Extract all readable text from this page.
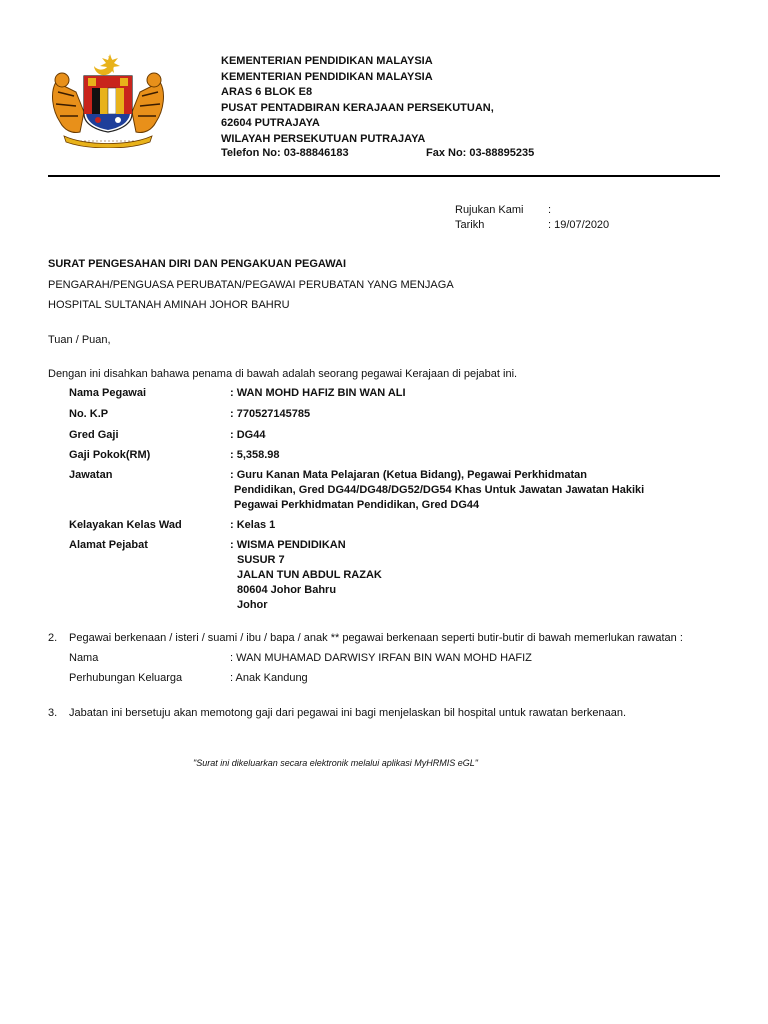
KEMENTERIAN PENDIDIKAN MALAYSIA
KEMENTERIAN PENDIDIKAN MALAYSIA
ARAS 6 BLOK E8
PUSAT PENTADBIRAN KERAJAAN PERSEKUTUAN,
62604 PUTRAJAYA
WILAYAH PERSEKUTUAN PUTRAJAYA
Telefon No: 03-88846183	Fax No: 03-88895235
Rujukan Kami :
Tarikh	: 19/07/2020
SURAT PENGESAHAN DIRI DAN PENGAKUAN PEGAWAI
PENGARAH/PENGUASA PERUBATAN/PEGAWAI PERUBATAN YANG MENJAGA
HOSPITAL SULTANAH AMINAH JOHOR BAHRU
Tuan / Puan,
Dengan ini disahkan bahawa penama di bawah adalah seorang pegawai Kerajaan di pejabat ini.
Nama Pegawai	: WAN MOHD HAFIZ BIN WAN ALI
No. K.P	: 770527145785
Gred Gaji	: DG44
Gaji Pokok(RM)	: 5,358.98
Jawatan	: Guru Kanan Mata Pelajaran (Ketua Bidang), Pegawai Perkhidmatan
Pendidikan, Gred DG44/DG48/DG52/DG54 Khas Untuk Jawatan Jawatan Hakiki
Pegawai Perkhidmatan Pendidikan, Gred DG44
Kelayakan Kelas Wad	: Kelas 1
Alamat Pejabat	: WISMA PENDIDIKAN
SUSUR 7
JALAN TUN ABDUL RAZAK
80604 Johor Bahru
Johor
2. Pegawai berkenaan / isteri / suami / ibu / bapa / anak ** pegawai berkenaan seperti butir-butir di bawah memerlukan rawatan :
Nama	: WAN MUHAMAD DARWISY IRFAN BIN WAN MOHD HAFIZ
Perhubungan Keluarga	: Anak Kandung
3. Jabatan ini bersetuju akan memotong gaji dari pegawai ini bagi menjelaskan bil hospital untuk rawatan berkenaan.
"Surat ini dikeluarkan secara elektronik melalui aplikasi MyHRMIS eGL"
